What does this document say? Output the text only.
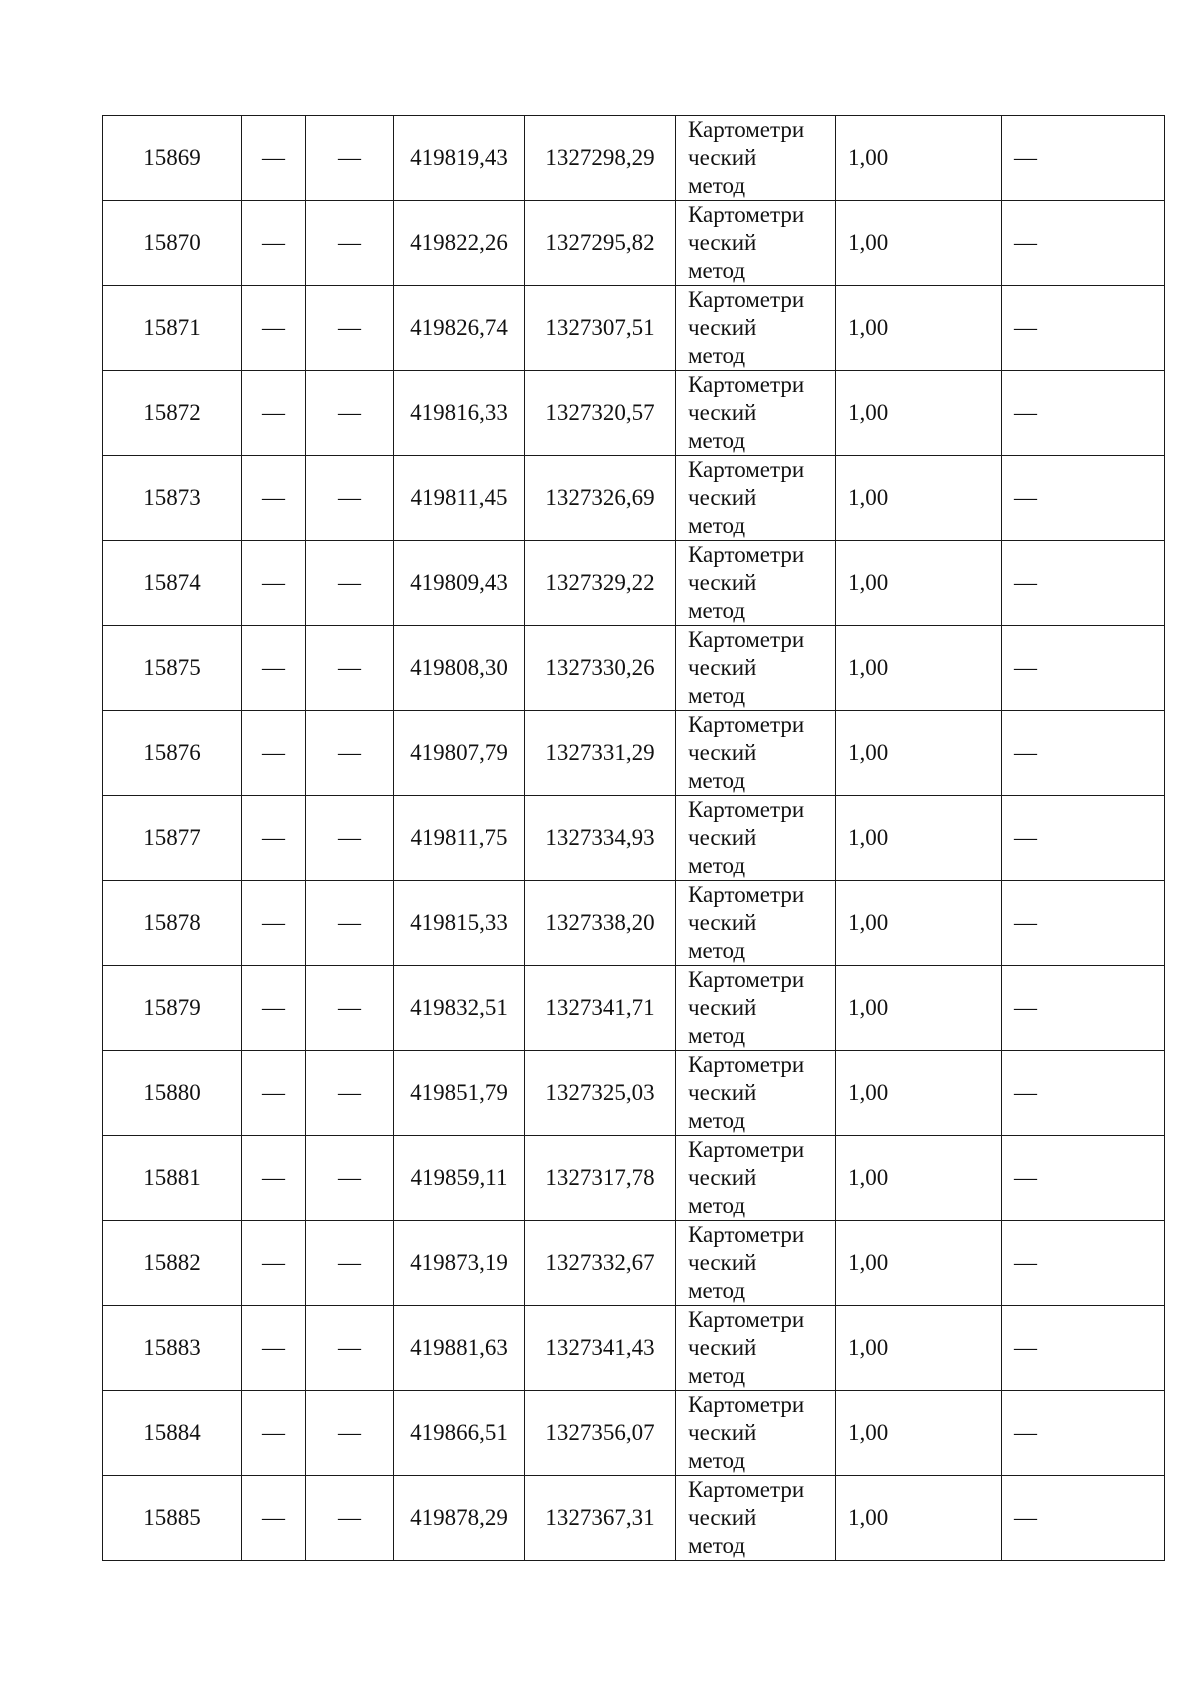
15869	—	—	419819,43	1327298,29	Картометри
ческий
метод	1,00	—
15870	—	—	419822,26	1327295,82	Картометри
ческий
метод	1,00	—
15871	—	—	419826,74	1327307,51	Картометри
ческий
метод	1,00	—
15872	—	—	419816,33	1327320,57	Картометри
ческий
метод	1,00	—
15873	—	—	419811,45	1327326,69	Картометри
ческий
метод	1,00	—
15874	—	—	419809,43	1327329,22	Картометри
ческий
метод	1,00	—
15875	—	—	419808,30	1327330,26	Картометри
ческий
метод	1,00	—
15876	—	—	419807,79	1327331,29	Картометри
ческий
метод	1,00	—
15877	—	—	419811,75	1327334,93	Картометри
ческий
метод	1,00	—
15878	—	—	419815,33	1327338,20	Картометри
ческий
метод	1,00	—
15879	—	—	419832,51	1327341,71	Картометри
ческий
метод	1,00	—
15880	—	—	419851,79	1327325,03	Картометри
ческий
метод	1,00	—
15881	—	—	419859,11	1327317,78	Картометри
ческий
метод	1,00	—
15882	—	—	419873,19	1327332,67	Картометри
ческий
метод	1,00	—
15883	—	—	419881,63	1327341,43	Картометри
ческий
метод	1,00	—
15884	—	—	419866,51	1327356,07	Картометри
ческий
метод	1,00	—
15885	—	—	419878,29	1327367,31	Картометри
ческий
метод	1,00	—
